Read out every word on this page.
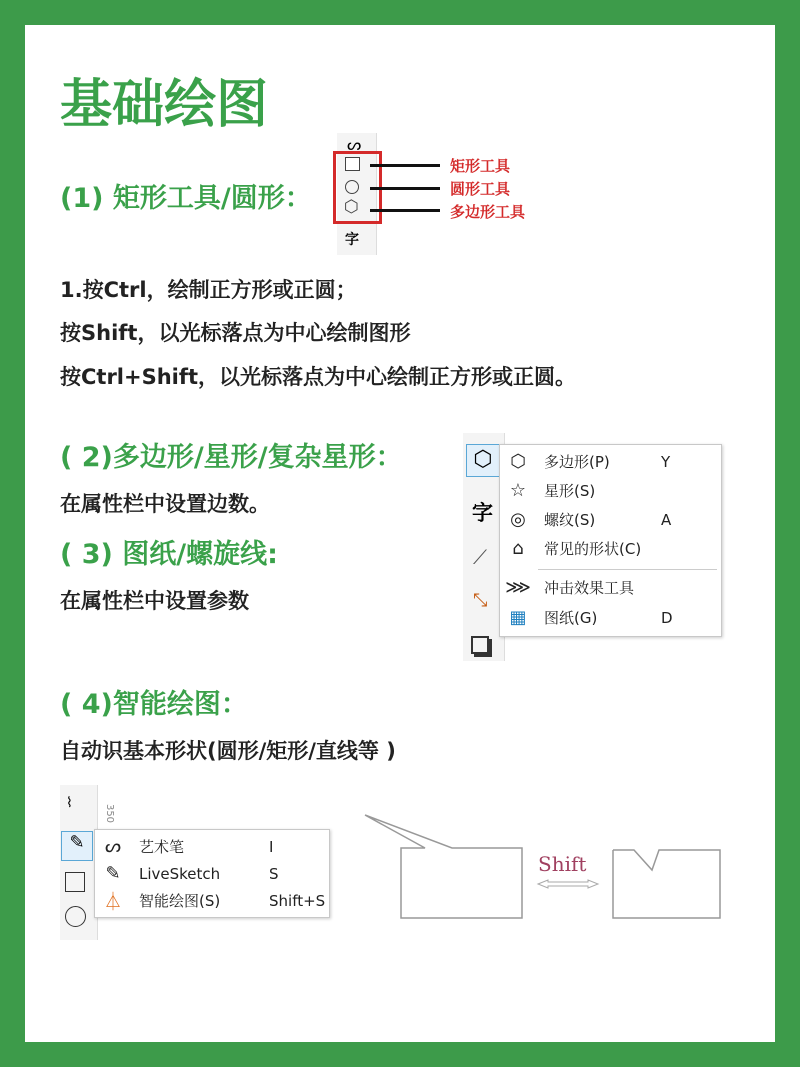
基础绘图
(1) 矩形工具/圆形：
ᔕ
⬡
字
矩形工具
圆形工具
多边形工具
1.按Ctrl，绘制正方形或正圆；
按Shift，以光标落点为中心绘制图形
按Ctrl+Shift，以光标落点为中心绘制正方形或正圆。
( 2)多边形/星形/复杂星形：
在属性栏中设置边数。
( 3) 图纸/螺旋线:
在属性栏中设置参数
⬡
字
⟋
⤡
⬡	多边形(P)	Y
☆	星形(S)
◎	螺纹(S)	A
⌂	常见的形状(C)
⋙ 冲击效果工具
▦	图纸(G)	D
( 4)智能绘图：
自动识基本形状(圆形/矩形/直线等 )
⌇
✎
350
ᔕ	艺术笔	I
✎	LiveSketch	S
⏃	智能绘图(S)	Shift+S
Shift
